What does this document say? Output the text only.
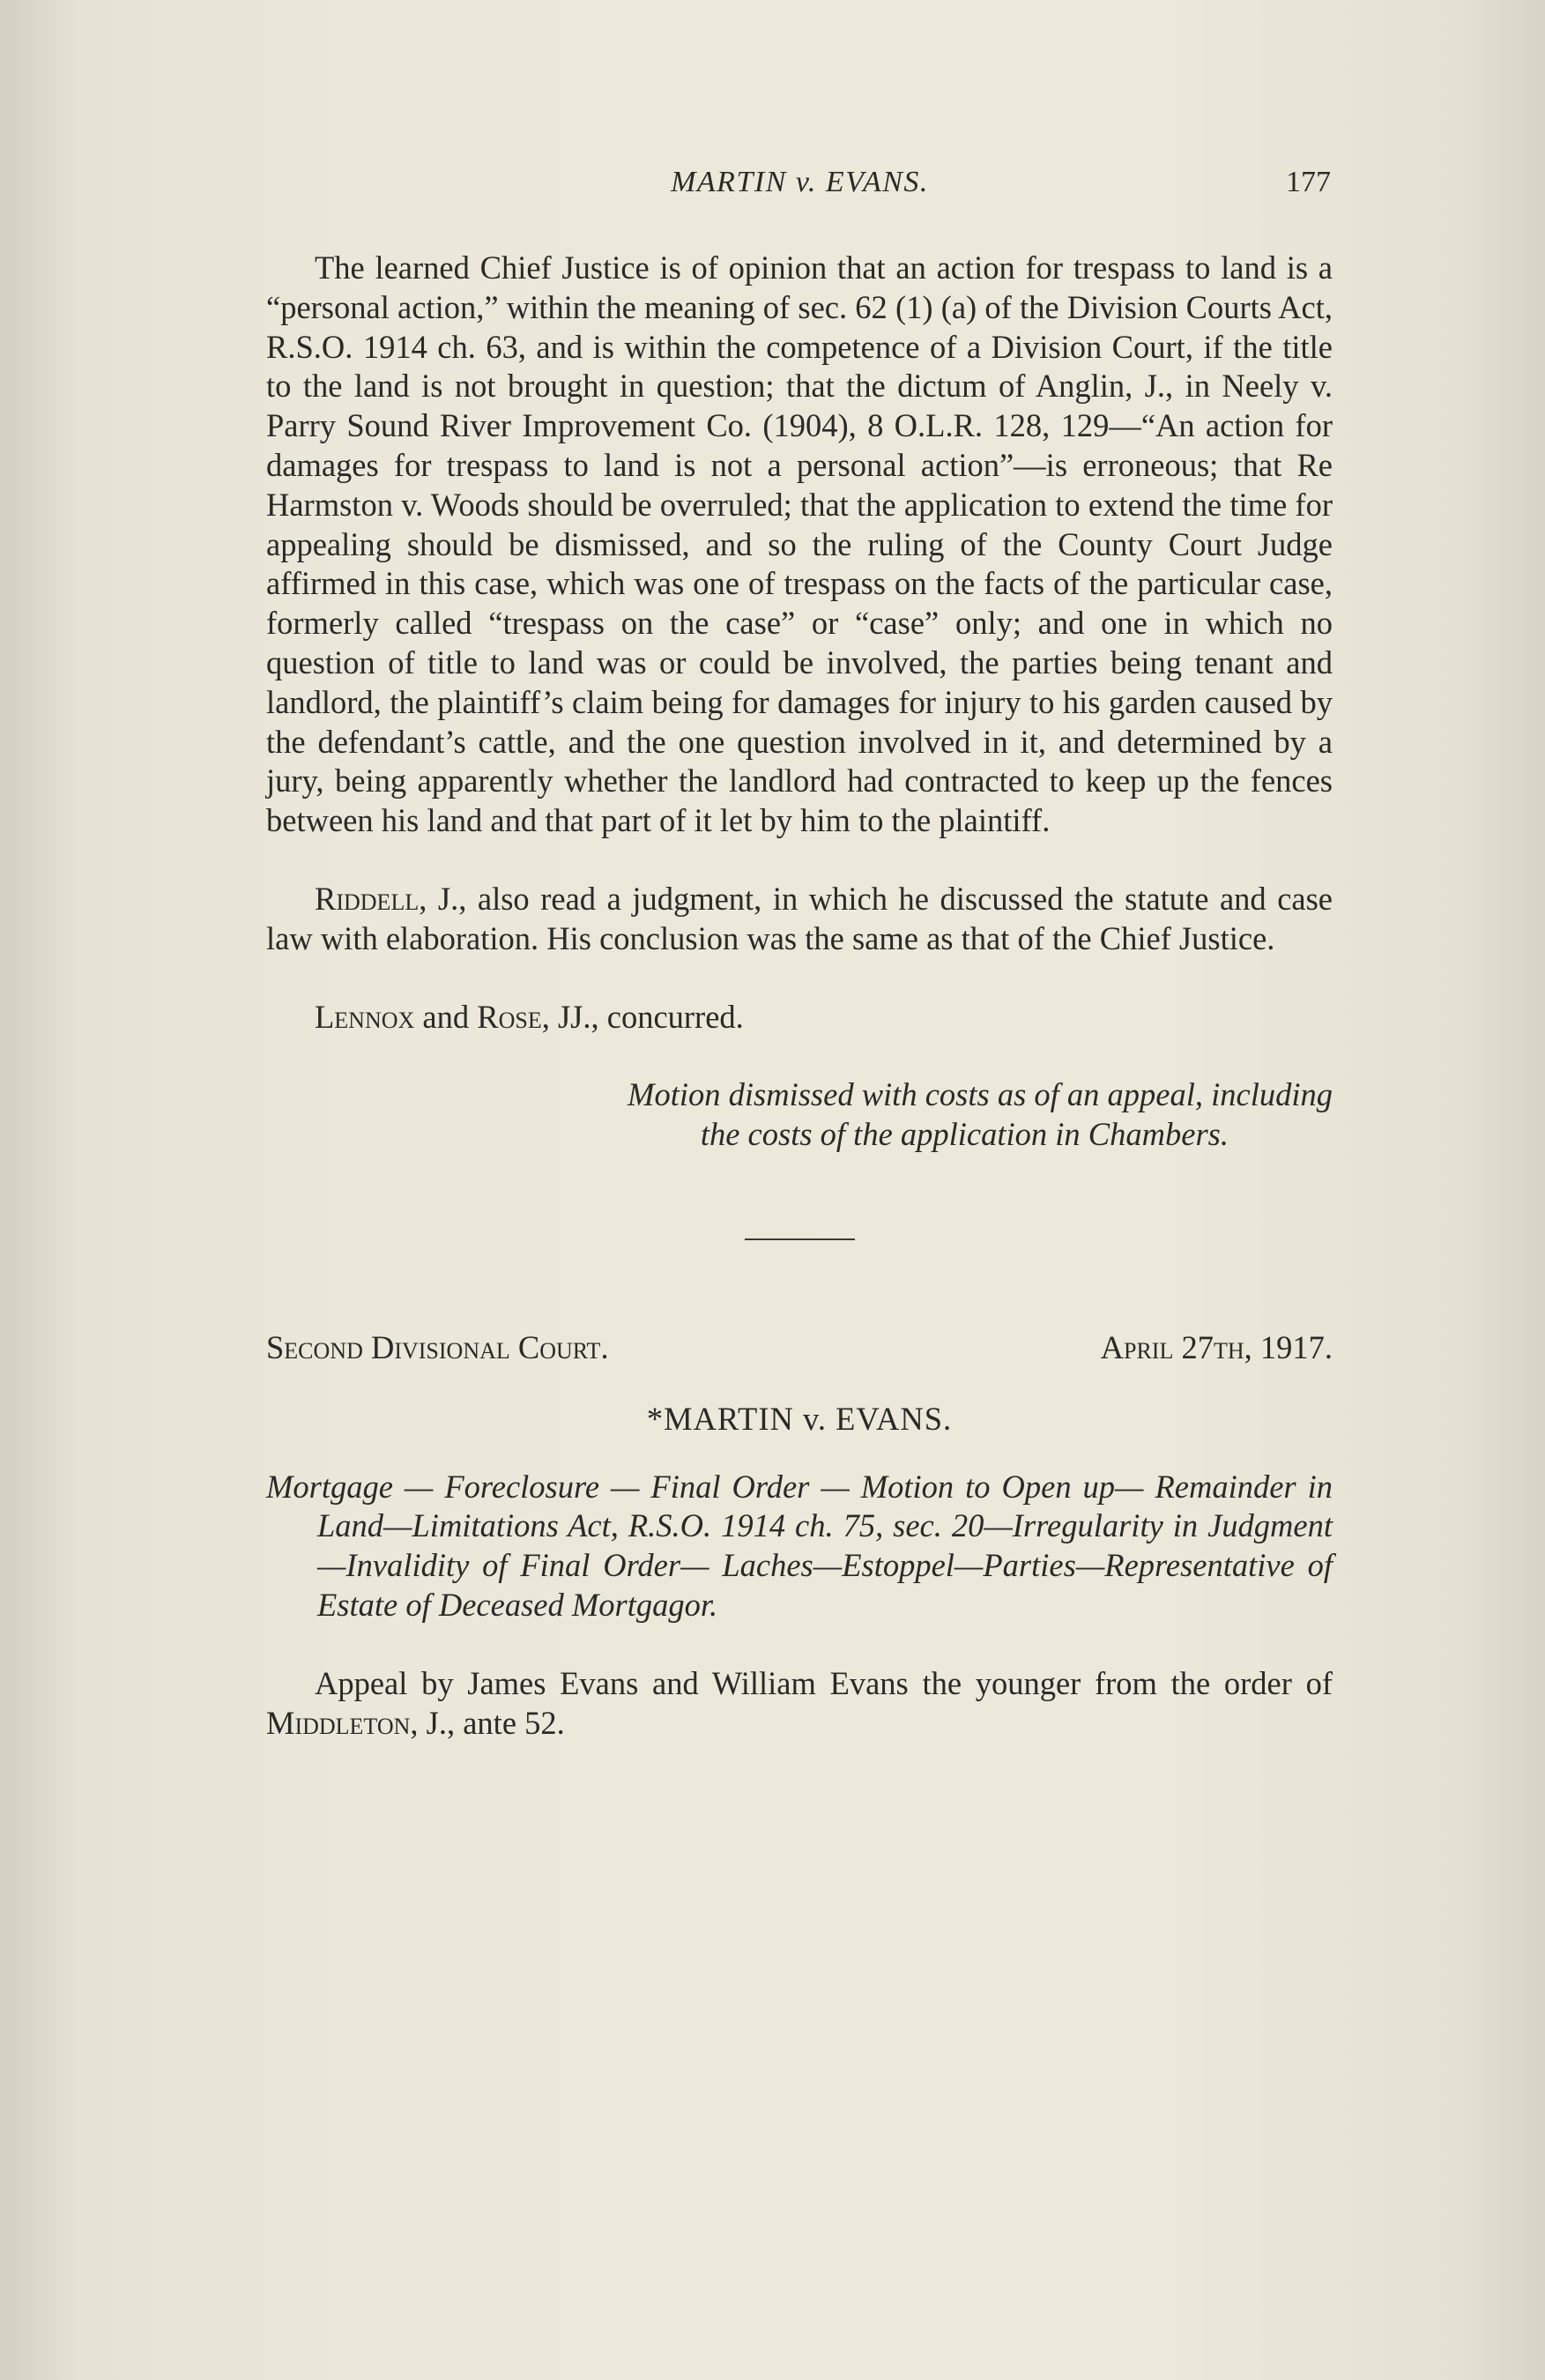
MARTIN v. EVANS.	177

The learned Chief Justice is of opinion that an action for trespass to land is a “personal action,” within the meaning of sec. 62 (1) (a) of the Division Courts Act, R.S.O. 1914 ch. 63, and is within the competence of a Division Court, if the title to the land is not brought in question; that the dictum of Anglin, J., in Neely v. Parry Sound River Improvement Co. (1904), 8 O.L.R. 128, 129—“An action for damages for trespass to land is not a personal action”—is erroneous; that Re Harmston v. Woods should be overruled; that the application to extend the time for appealing should be dismissed, and so the ruling of the County Court Judge affirmed in this case, which was one of trespass on the facts of the particular case, formerly called “trespass on the case” or “case” only; and one in which no question of title to land was or could be involved, the parties being tenant and landlord, the plaintiff’s claim being for damages for injury to his garden caused by the defendant’s cattle, and the one question involved in it, and determined by a jury, being apparently whether the landlord had contracted to keep up the fences between his land and that part of it let by him to the plaintiff.

Riddell, J., also read a judgment, in which he discussed the statute and case law with elaboration. His conclusion was the same as that of the Chief Justice.

Lennox and Rose, JJ., concurred.

Motion dismissed with costs as of an appeal, including
the costs of the application in Chambers.
Second Divisional Court.	April 27th, 1917.
*MARTIN v. EVANS.
Mortgage — Foreclosure — Final Order — Motion to Open up— Remainder in Land—Limitations Act, R.S.O. 1914 ch. 75, sec. 20—Irregularity in Judgment—Invalidity of Final Order— Laches—Estoppel—Parties—Representative of Estate of Deceased Mortgagor.

Appeal by James Evans and William Evans the younger from the order of Middleton, J., ante 52.
